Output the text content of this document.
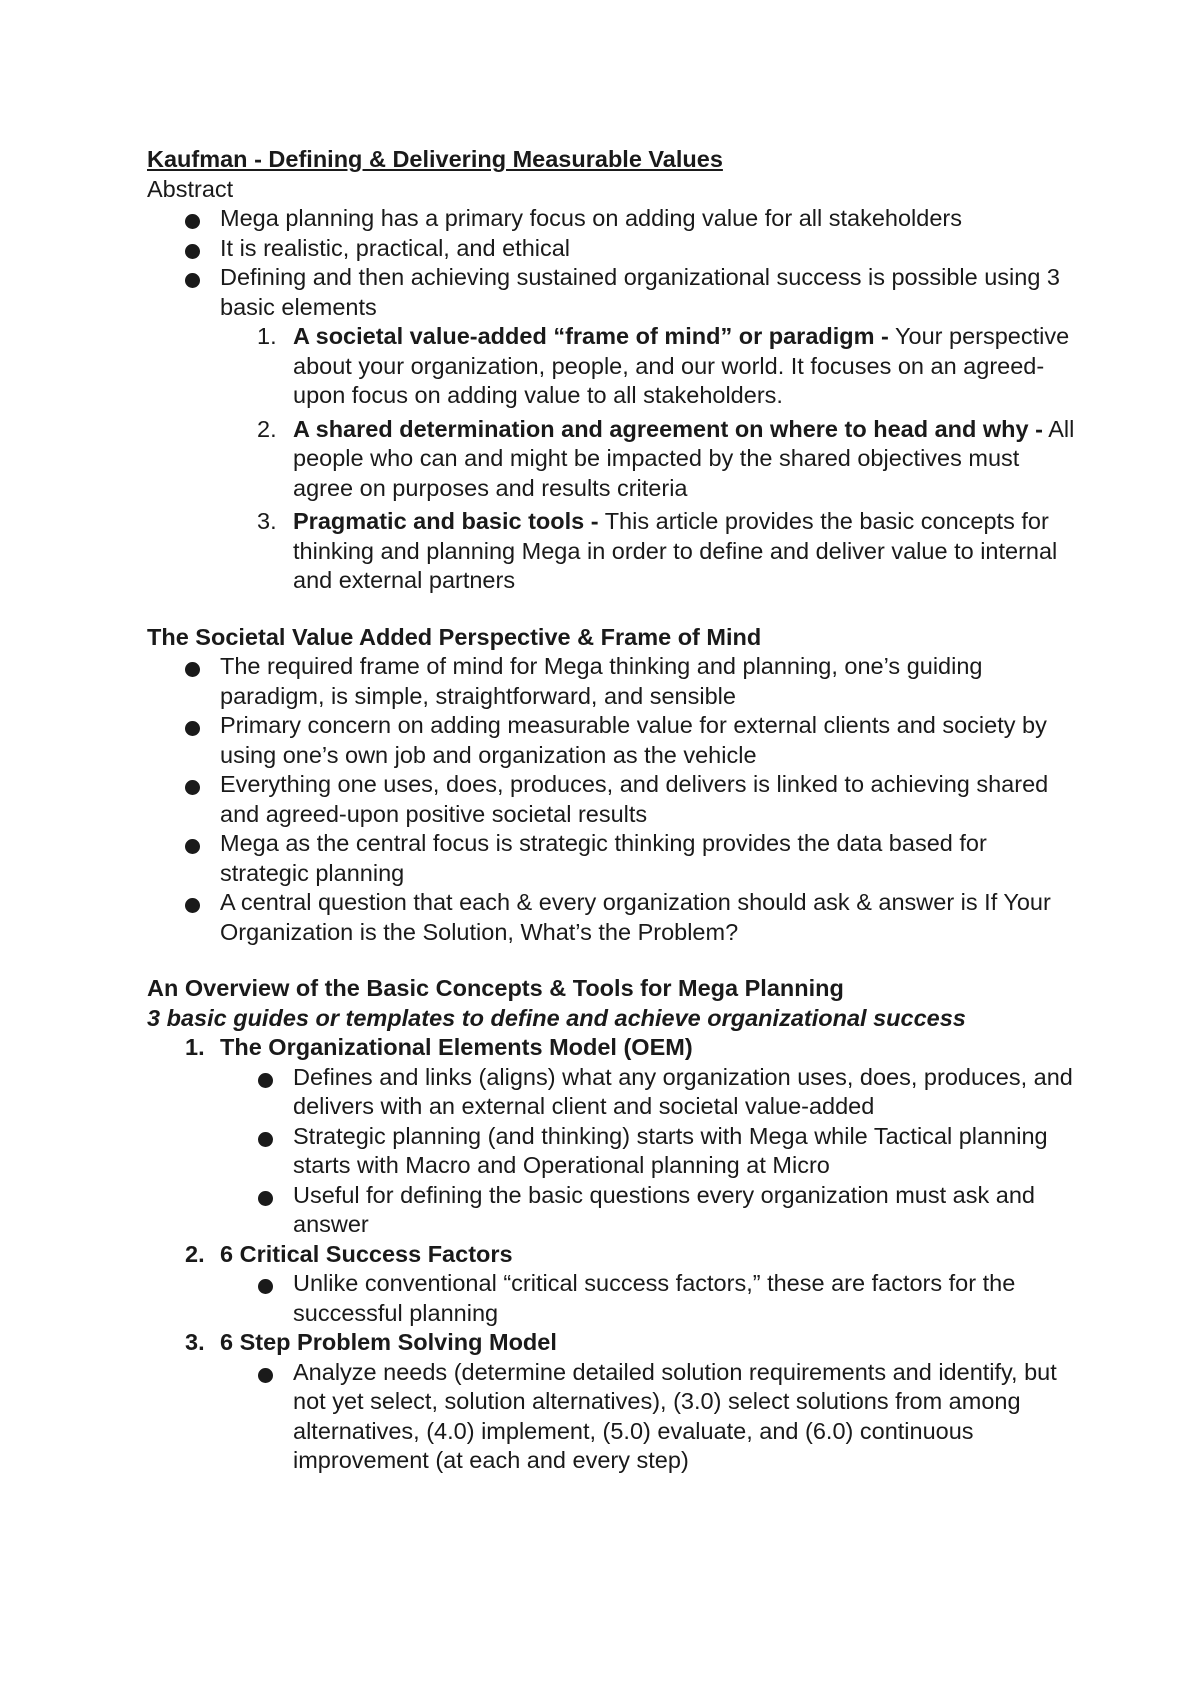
Kaufman - Defining & Delivering Measurable Values

Abstract

Mega planning has a primary focus on adding value for all stakeholders

It is realistic, practical, and ethical

Defining and then achieving sustained organizational success is possible using 3 basic elements

1. A societal value-added “frame of mind” or paradigm - Your perspective about your organization, people, and our world. It focuses on an agreed-upon focus on adding value to all stakeholders.

2. A shared determination and agreement on where to head and why - All people who can and might be impacted by the shared objectives must agree on purposes and results criteria

3. Pragmatic and basic tools - This article provides the basic concepts for thinking and planning Mega in order to define and deliver value to internal and external partners

The Societal Value Added Perspective & Frame of Mind

The required frame of mind for Mega thinking and planning, one’s guiding paradigm, is simple, straightforward, and sensible

Primary concern on adding measurable value for external clients and society by using one’s own job and organization as the vehicle

Everything one uses, does, produces, and delivers is linked to achieving shared and agreed-upon positive societal results

Mega as the central focus is strategic thinking provides the data based for strategic planning

A central question that each & every organization should ask & answer is If Your Organization is the Solution, What’s the Problem?

An Overview of the Basic Concepts & Tools for Mega Planning

3 basic guides or templates to define and achieve organizational success

1. The Organizational Elements Model (OEM)

Defines and links (aligns) what any organization uses, does, produces, and delivers with an external client and societal value-added

Strategic planning (and thinking) starts with Mega while Tactical planning starts with Macro and Operational planning at Micro

Useful for defining the basic questions every organization must ask and answer

2. 6 Critical Success Factors

Unlike conventional “critical success factors,” these are factors for the successful planning

3. 6 Step Problem Solving Model

Analyze needs (determine detailed solution requirements and identify, but not yet select, solution alternatives), (3.0) select solutions from among alternatives, (4.0) implement, (5.0) evaluate, and (6.0) continuous improvement (at each and every step)
